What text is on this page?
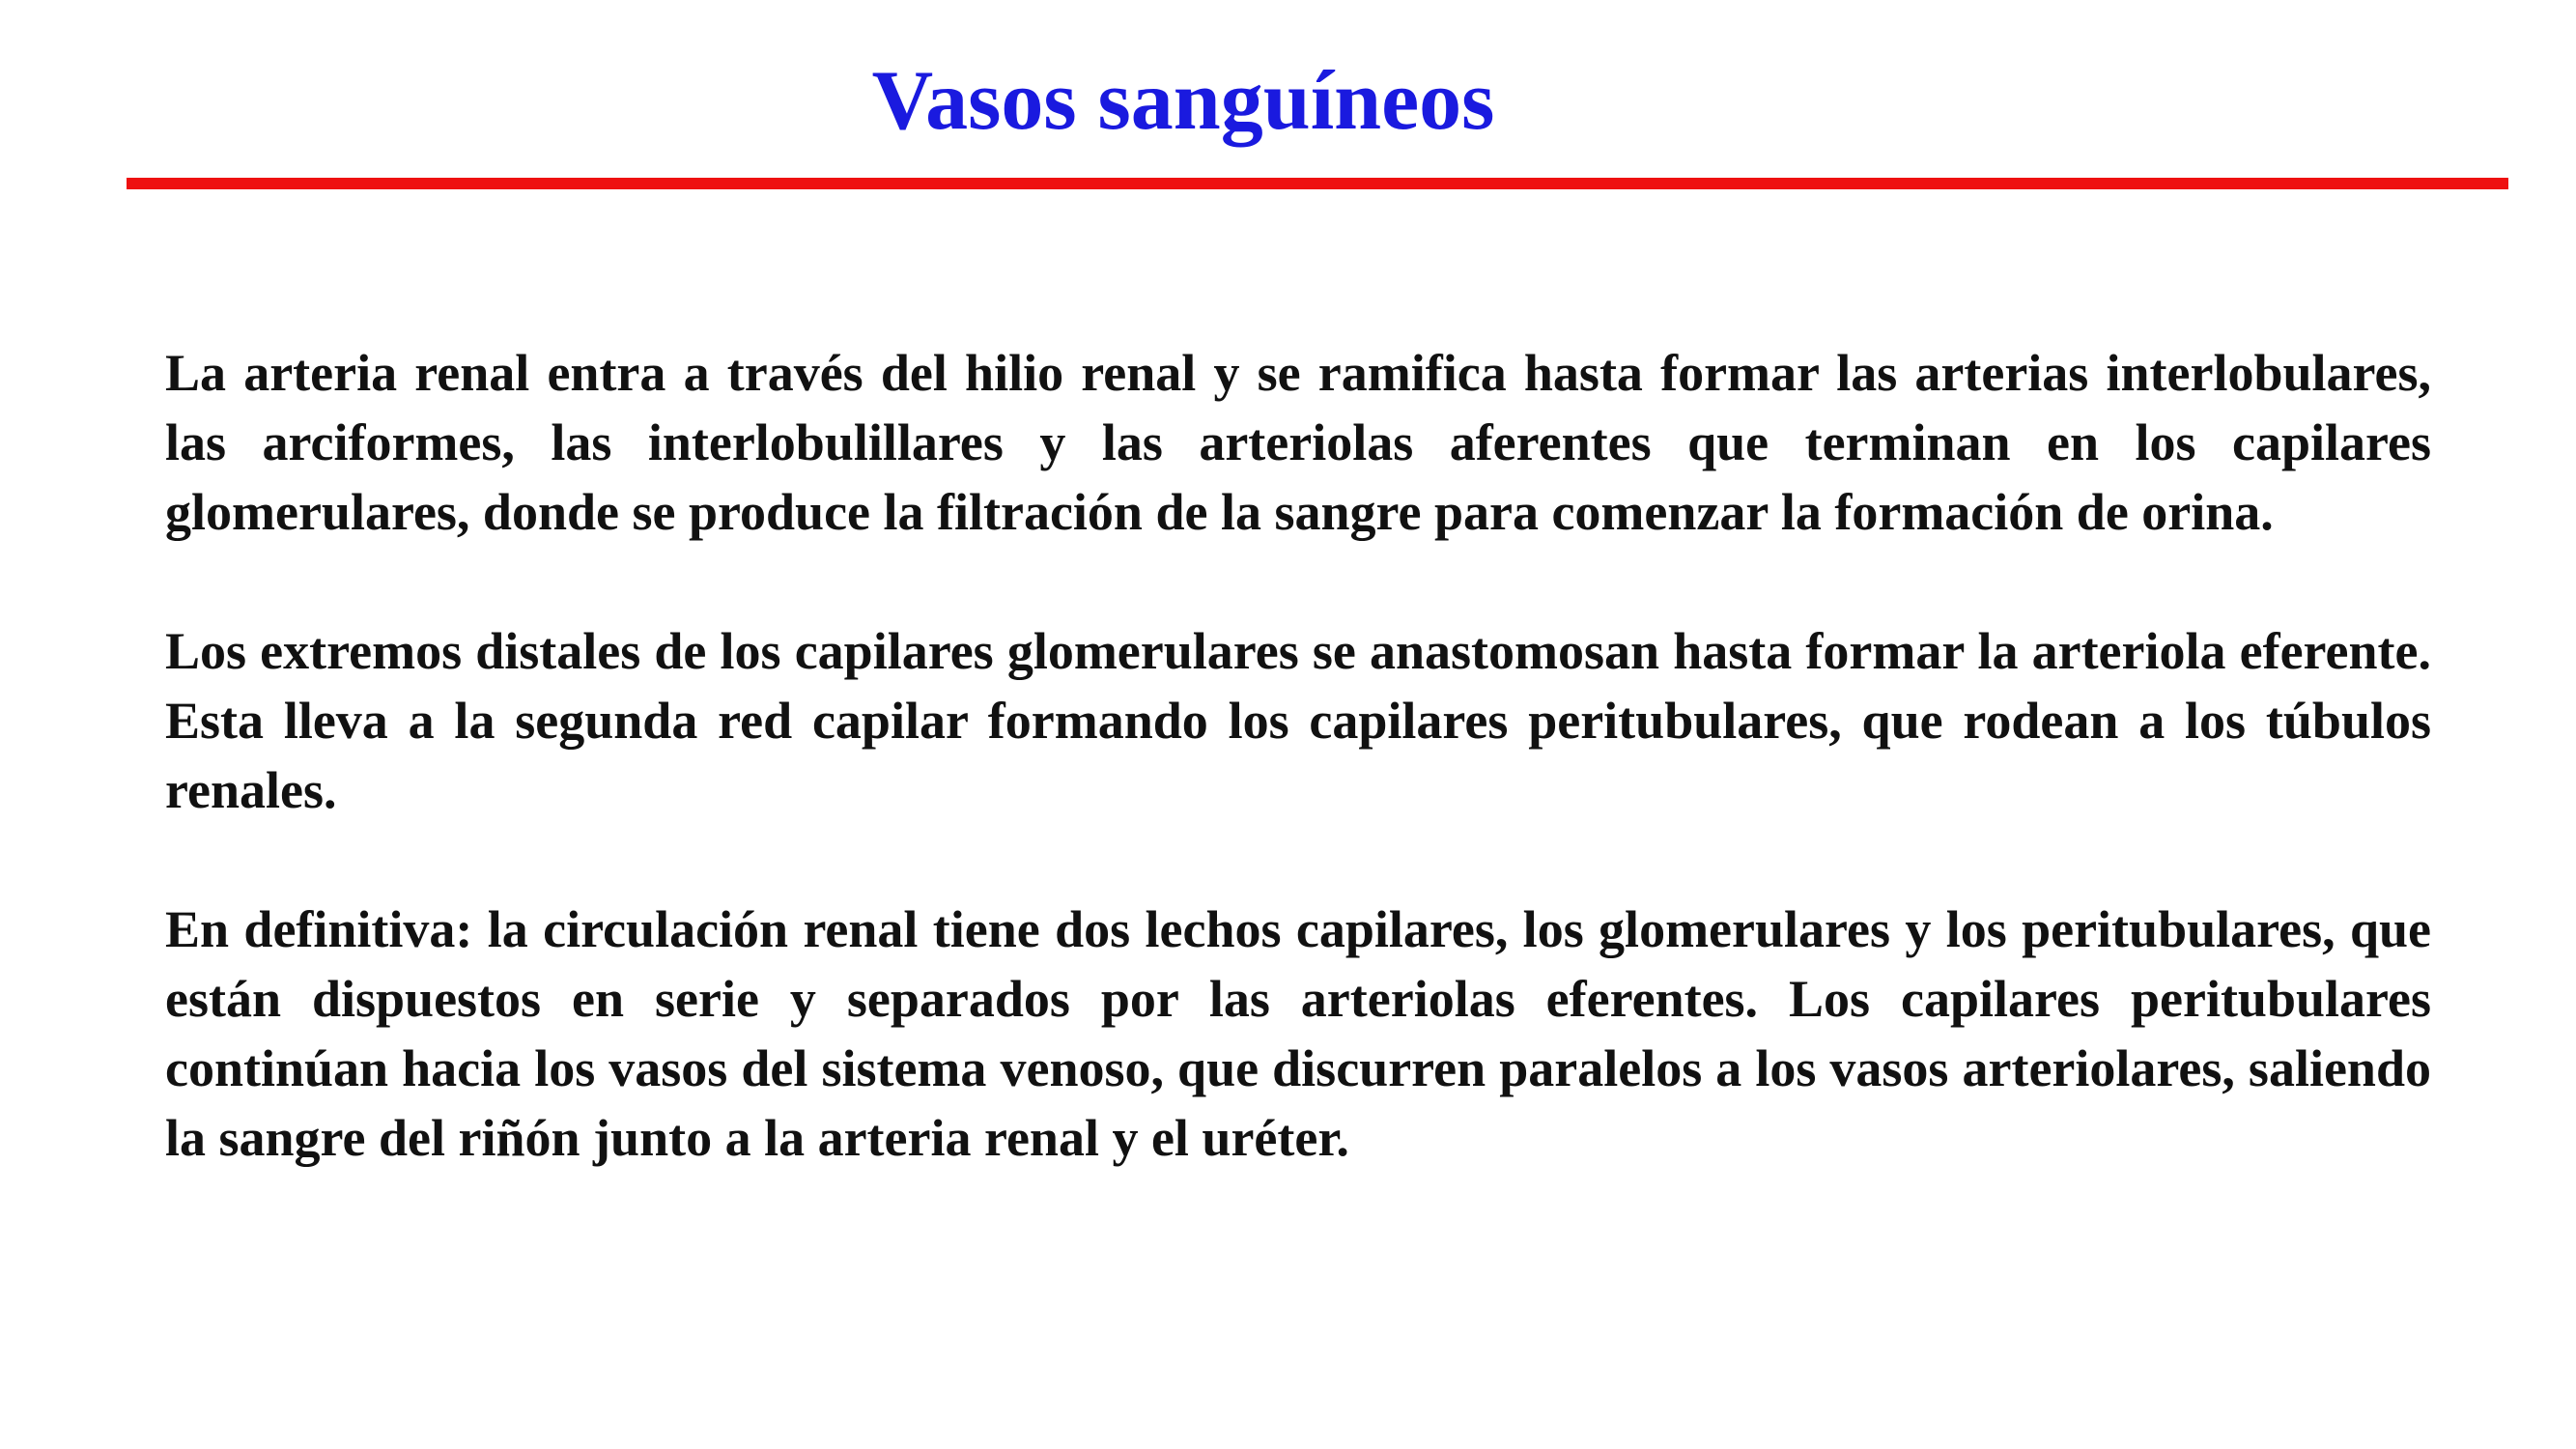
Vasos sanguíneos

La arteria renal entra a través del hilio renal y se ramifica hasta formar las arterias interlobulares, las arciformes, las interlobulillares y las arteriolas aferentes que terminan en los capilares glomerulares, donde se produce la filtración de la sangre para comenzar la formación de orina.

Los extremos distales de los capilares glomerulares se anastomosan hasta formar la arteriola eferente. Esta lleva a la segunda red capilar formando los capilares peritubulares, que rodean a los túbulos renales.

En definitiva: la circulación renal tiene dos lechos capilares, los glomerulares y los peritubulares, que están dispuestos en serie y separados por las arteriolas eferentes. Los capilares peritubulares continúan hacia los vasos del sistema venoso, que discurren paralelos a los vasos arteriolares, saliendo la sangre del riñón junto a la arteria renal y el uréter.
